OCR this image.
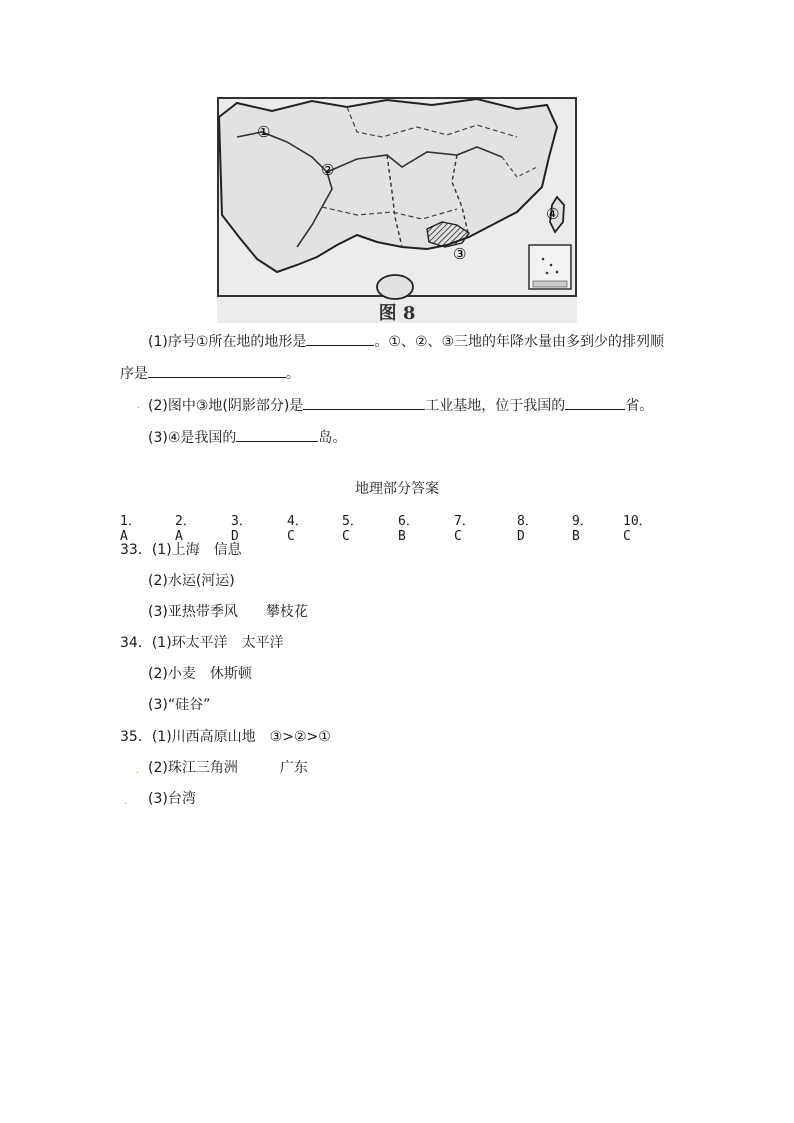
①
②
③
④
图 8
(1)序号①所在地的地形是	。①、②、③三地的年降水量由多到少的排列顺
序是	。
. (2)图中③地(阴影部分)是	工业基地，位于我国的	省。
(3)④是我国的	岛。
地理部分答案
1．A
2．A
3．D
4．C
5．C
6．B
7．C
8．D
9．B
10．C
33．(1)上海　信息
(2)水运(河运)
(3)亚热带季风　　攀枝花
34．(1)环太平洋　太平洋
(2)小麦　休斯顿
(3)“硅谷”
35．(1)川西高原山地　③>②>①
. (2)珠江三角洲　　　广东
. (3)台湾
